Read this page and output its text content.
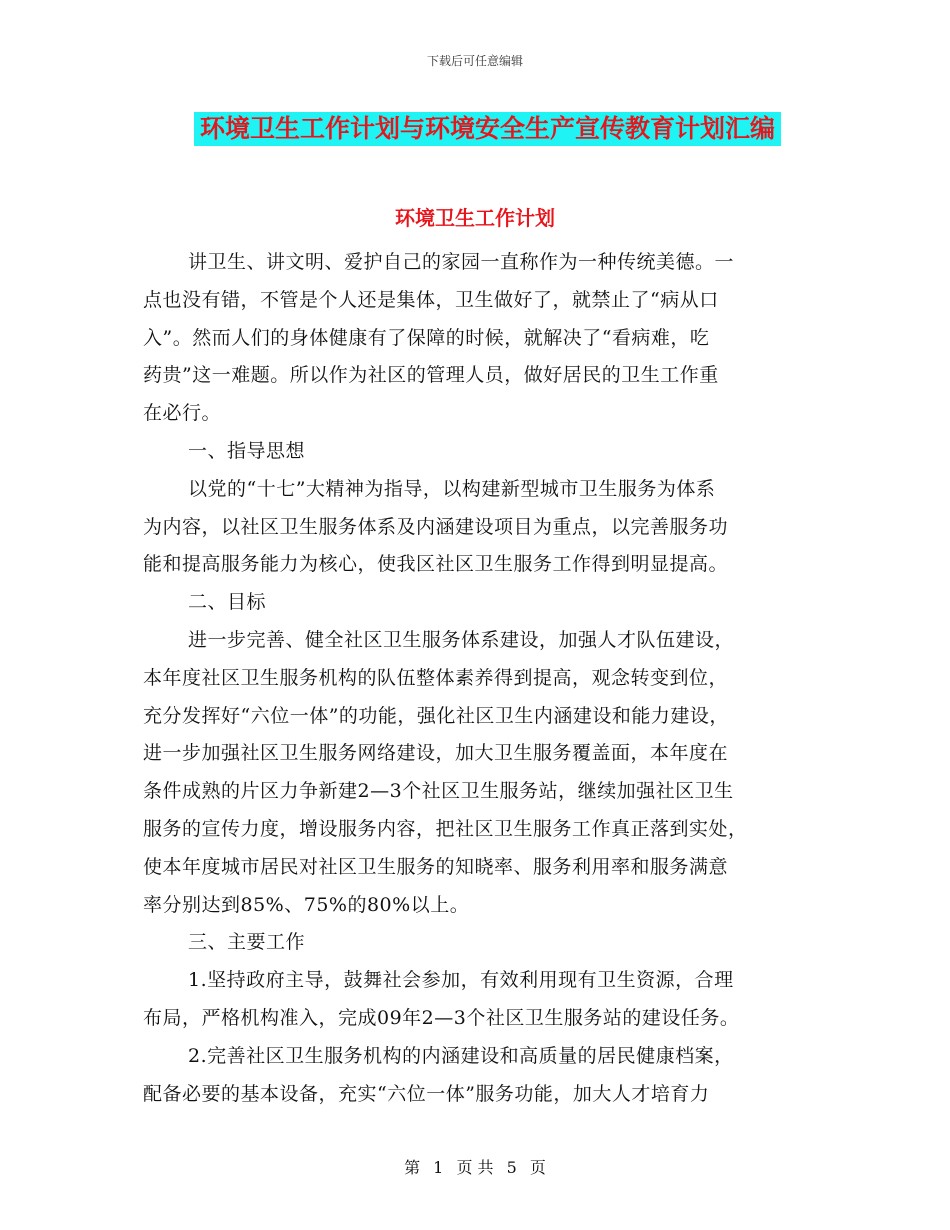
下载后可任意编辑
环境卫生工作计划与环境安全生产宣传教育计划汇编
环境卫生工作计划
讲卫生、讲文明、爱护自己的家园一直称作为一种传统美德。一
点也没有错，不管是个人还是集体，卫生做好了，就禁止了“病从口
入”。然而人们的身体健康有了保障的时候，就解决了“看病难，吃
药贵”这一难题。所以作为社区的管理人员，做好居民的卫生工作重
在必行。
一、指导思想
以党的“十七”大精神为指导，以构建新型城市卫生服务为体系
为内容，以社区卫生服务体系及内涵建设项目为重点，以完善服务功
能和提高服务能力为核心，使我区社区卫生服务工作得到明显提高。
二、目标
进一步完善、健全社区卫生服务体系建设，加强人才队伍建设，
本年度社区卫生服务机构的队伍整体素养得到提高，观念转变到位，
充分发挥好“六位一体”的功能，强化社区卫生内涵建设和能力建设，
进一步加强社区卫生服务网络建设，加大卫生服务覆盖面，本年度在
条件成熟的片区力争新建2—3个社区卫生服务站，继续加强社区卫生
服务的宣传力度，增设服务内容，把社区卫生服务工作真正落到实处，
使本年度城市居民对社区卫生服务的知晓率、服务利用率和服务满意
率分别达到85%、75%的80%以上。
三、主要工作
1.坚持政府主导，鼓舞社会参加，有效利用现有卫生资源，合理
布局，严格机构准入，完成09年2—3个社区卫生服务站的建设任务。
2.完善社区卫生服务机构的内涵建设和高质量的居民健康档案，
配备必要的基本设备，充实“六位一体”服务功能，加大人才培育力
第 1 页 共 5 页
